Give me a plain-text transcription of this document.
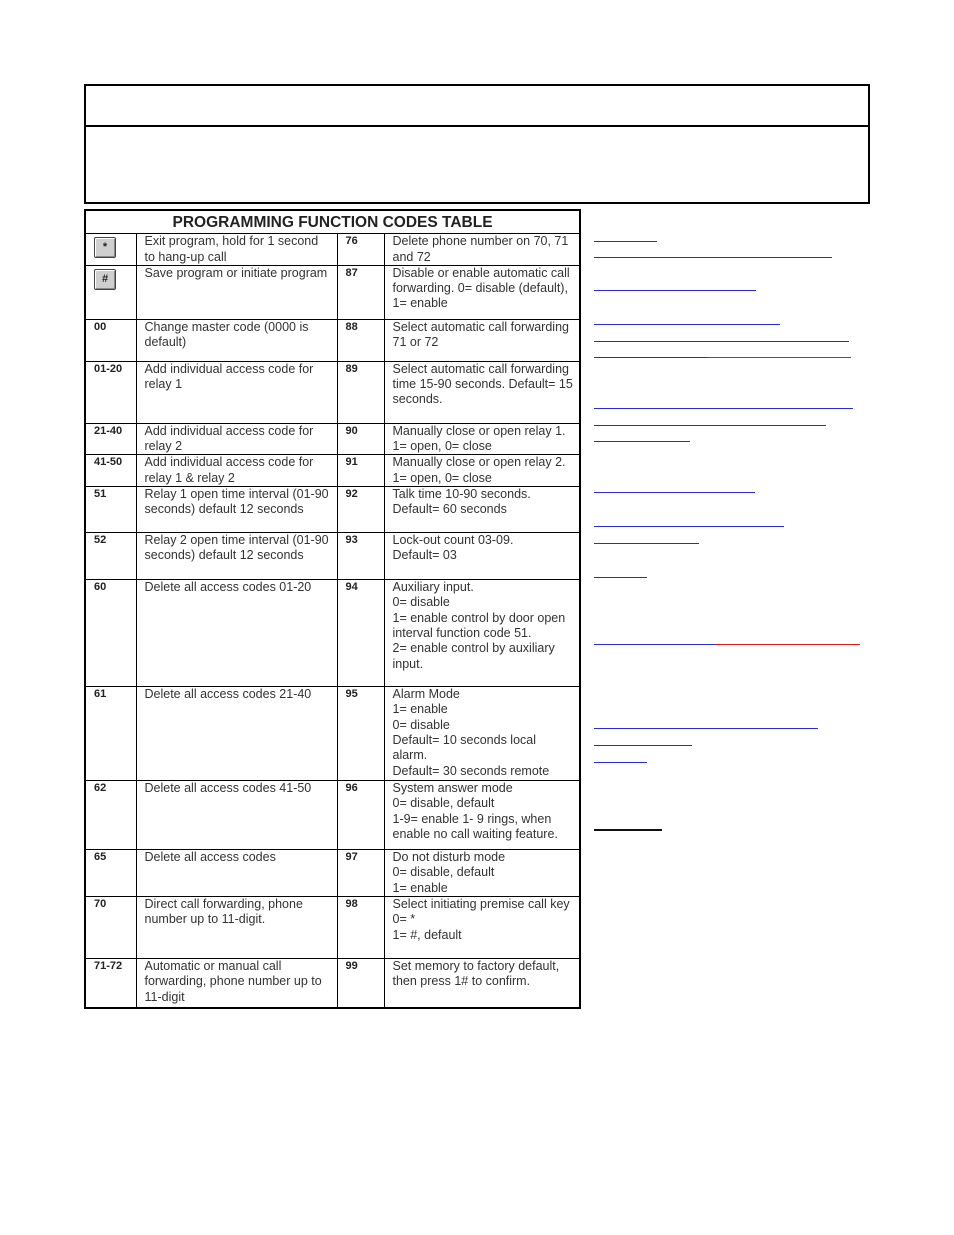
PROGRAMMING FUNCTION CODES TABLE			
*	Exit program, hold for 1 second to hang-up call	76	Delete phone number on 70, 71 and 72
#	Save program or initiate program	87	Disable or enable automatic call forwarding. 0= disable (default), 1= enable
00	Change master code (0000 is default)	88	Select automatic call forwarding 71 or 72
01-20	Add individual access code for relay 1	89	Select automatic call forwarding time 15-90 seconds. Default= 15 seconds.
21-40	Add individual access code for relay 2	90	Manually close or open relay 1. 1= open, 0= close
41-50	Add individual access code for relay 1 & relay 2	91	Manually close or open relay 2. 1= open, 0= close
51	Relay 1 open time interval (01-90 seconds) default 12 seconds	92	Talk time 10-90 seconds.
Default= 60 seconds
52	Relay 2 open time interval (01-90 seconds) default 12 seconds	93	Lock-out count 03-09.
Default= 03
60	Delete all access codes 01-20	94	Auxiliary input.
0= disable
1= enable control by door open interval function code 51.
2= enable control by auxiliary input.
61	Delete all access codes 21-40	95	Alarm Mode
1= enable
0= disable
Default= 10 seconds local alarm.
Default= 30 seconds remote
62	Delete all access codes 41-50	96	System answer mode
0= disable, default
1-9= enable 1- 9 rings, when enable no call waiting feature.
65	Delete all access codes	97	Do not disturb mode
0= disable, default
1= enable
70	Direct call forwarding, phone number up to 11-digit.	98	Select initiating premise call key
0= *
1= #, default
71-72	Automatic or manual call forwarding, phone number up to 11-digit	99	Set memory to factory default, then press 1# to confirm.
